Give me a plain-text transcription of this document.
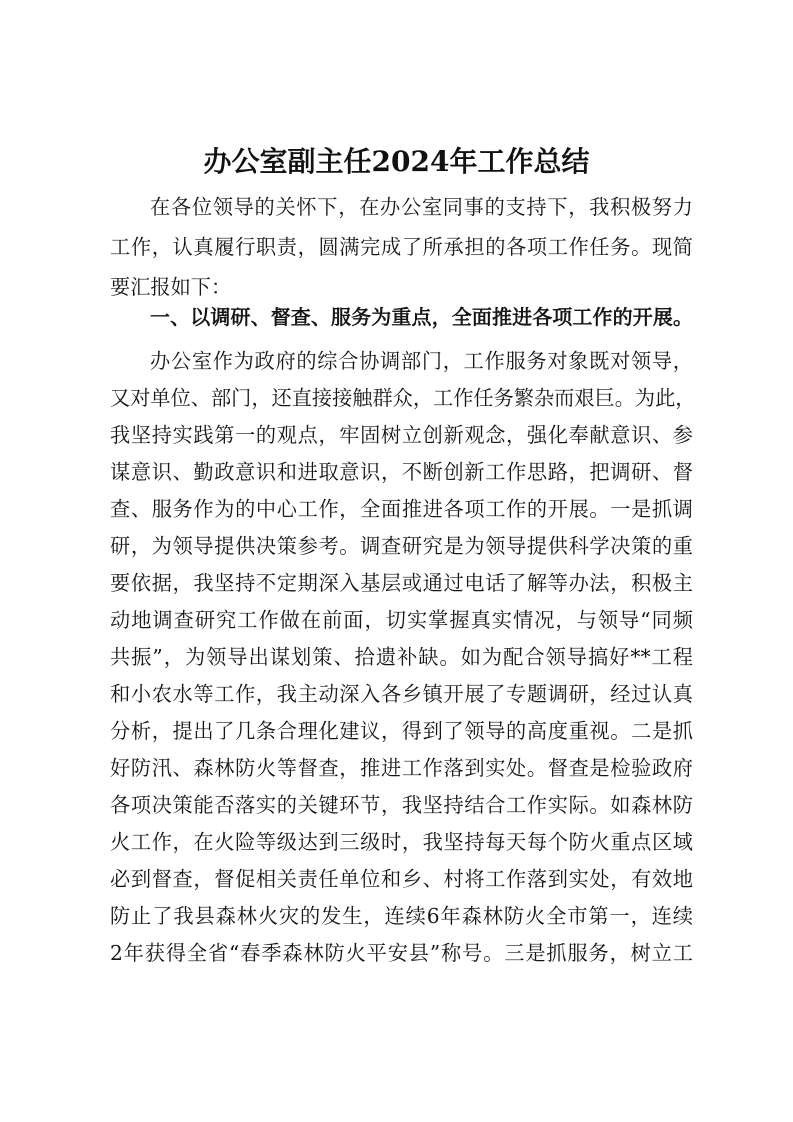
办公室副主任2024年工作总结
在各位领导的关怀下，在办公室同事的支持下，我积极努力
工作，认真履行职责，圆满完成了所承担的各项工作任务。现简
要汇报如下：
一、以调研、督查、服务为重点，全面推进各项工作的开展。
办公室作为政府的综合协调部门，工作服务对象既对领导，
又对单位、部门，还直接接触群众，工作任务繁杂而艰巨。为此，
我坚持实践第一的观点，牢固树立创新观念，强化奉献意识、参
谋意识、勤政意识和进取意识，不断创新工作思路，把调研、督
查、服务作为的中心工作，全面推进各项工作的开展。一是抓调
研，为领导提供决策参考。调查研究是为领导提供科学决策的重
要依据，我坚持不定期深入基层或通过电话了解等办法，积极主
动地调查研究工作做在前面，切实掌握真实情况，与领导“同频
共振”，为领导出谋划策、拾遗补缺。如为配合领导搞好**工程
和小农水等工作，我主动深入各乡镇开展了专题调研，经过认真
分析，提出了几条合理化建议，得到了领导的高度重视。二是抓
好防汛、森林防火等督查，推进工作落到实处。督查是检验政府
各项决策能否落实的关键环节，我坚持结合工作实际。如森林防
火工作，在火险等级达到三级时，我坚持每天每个防火重点区域
必到督查，督促相关责任单位和乡、村将工作落到实处，有效地
防止了我县森林火灾的发生，连续6年森林防火全市第一，连续
2年获得全省“春季森林防火平安县”称号。三是抓服务，树立工
